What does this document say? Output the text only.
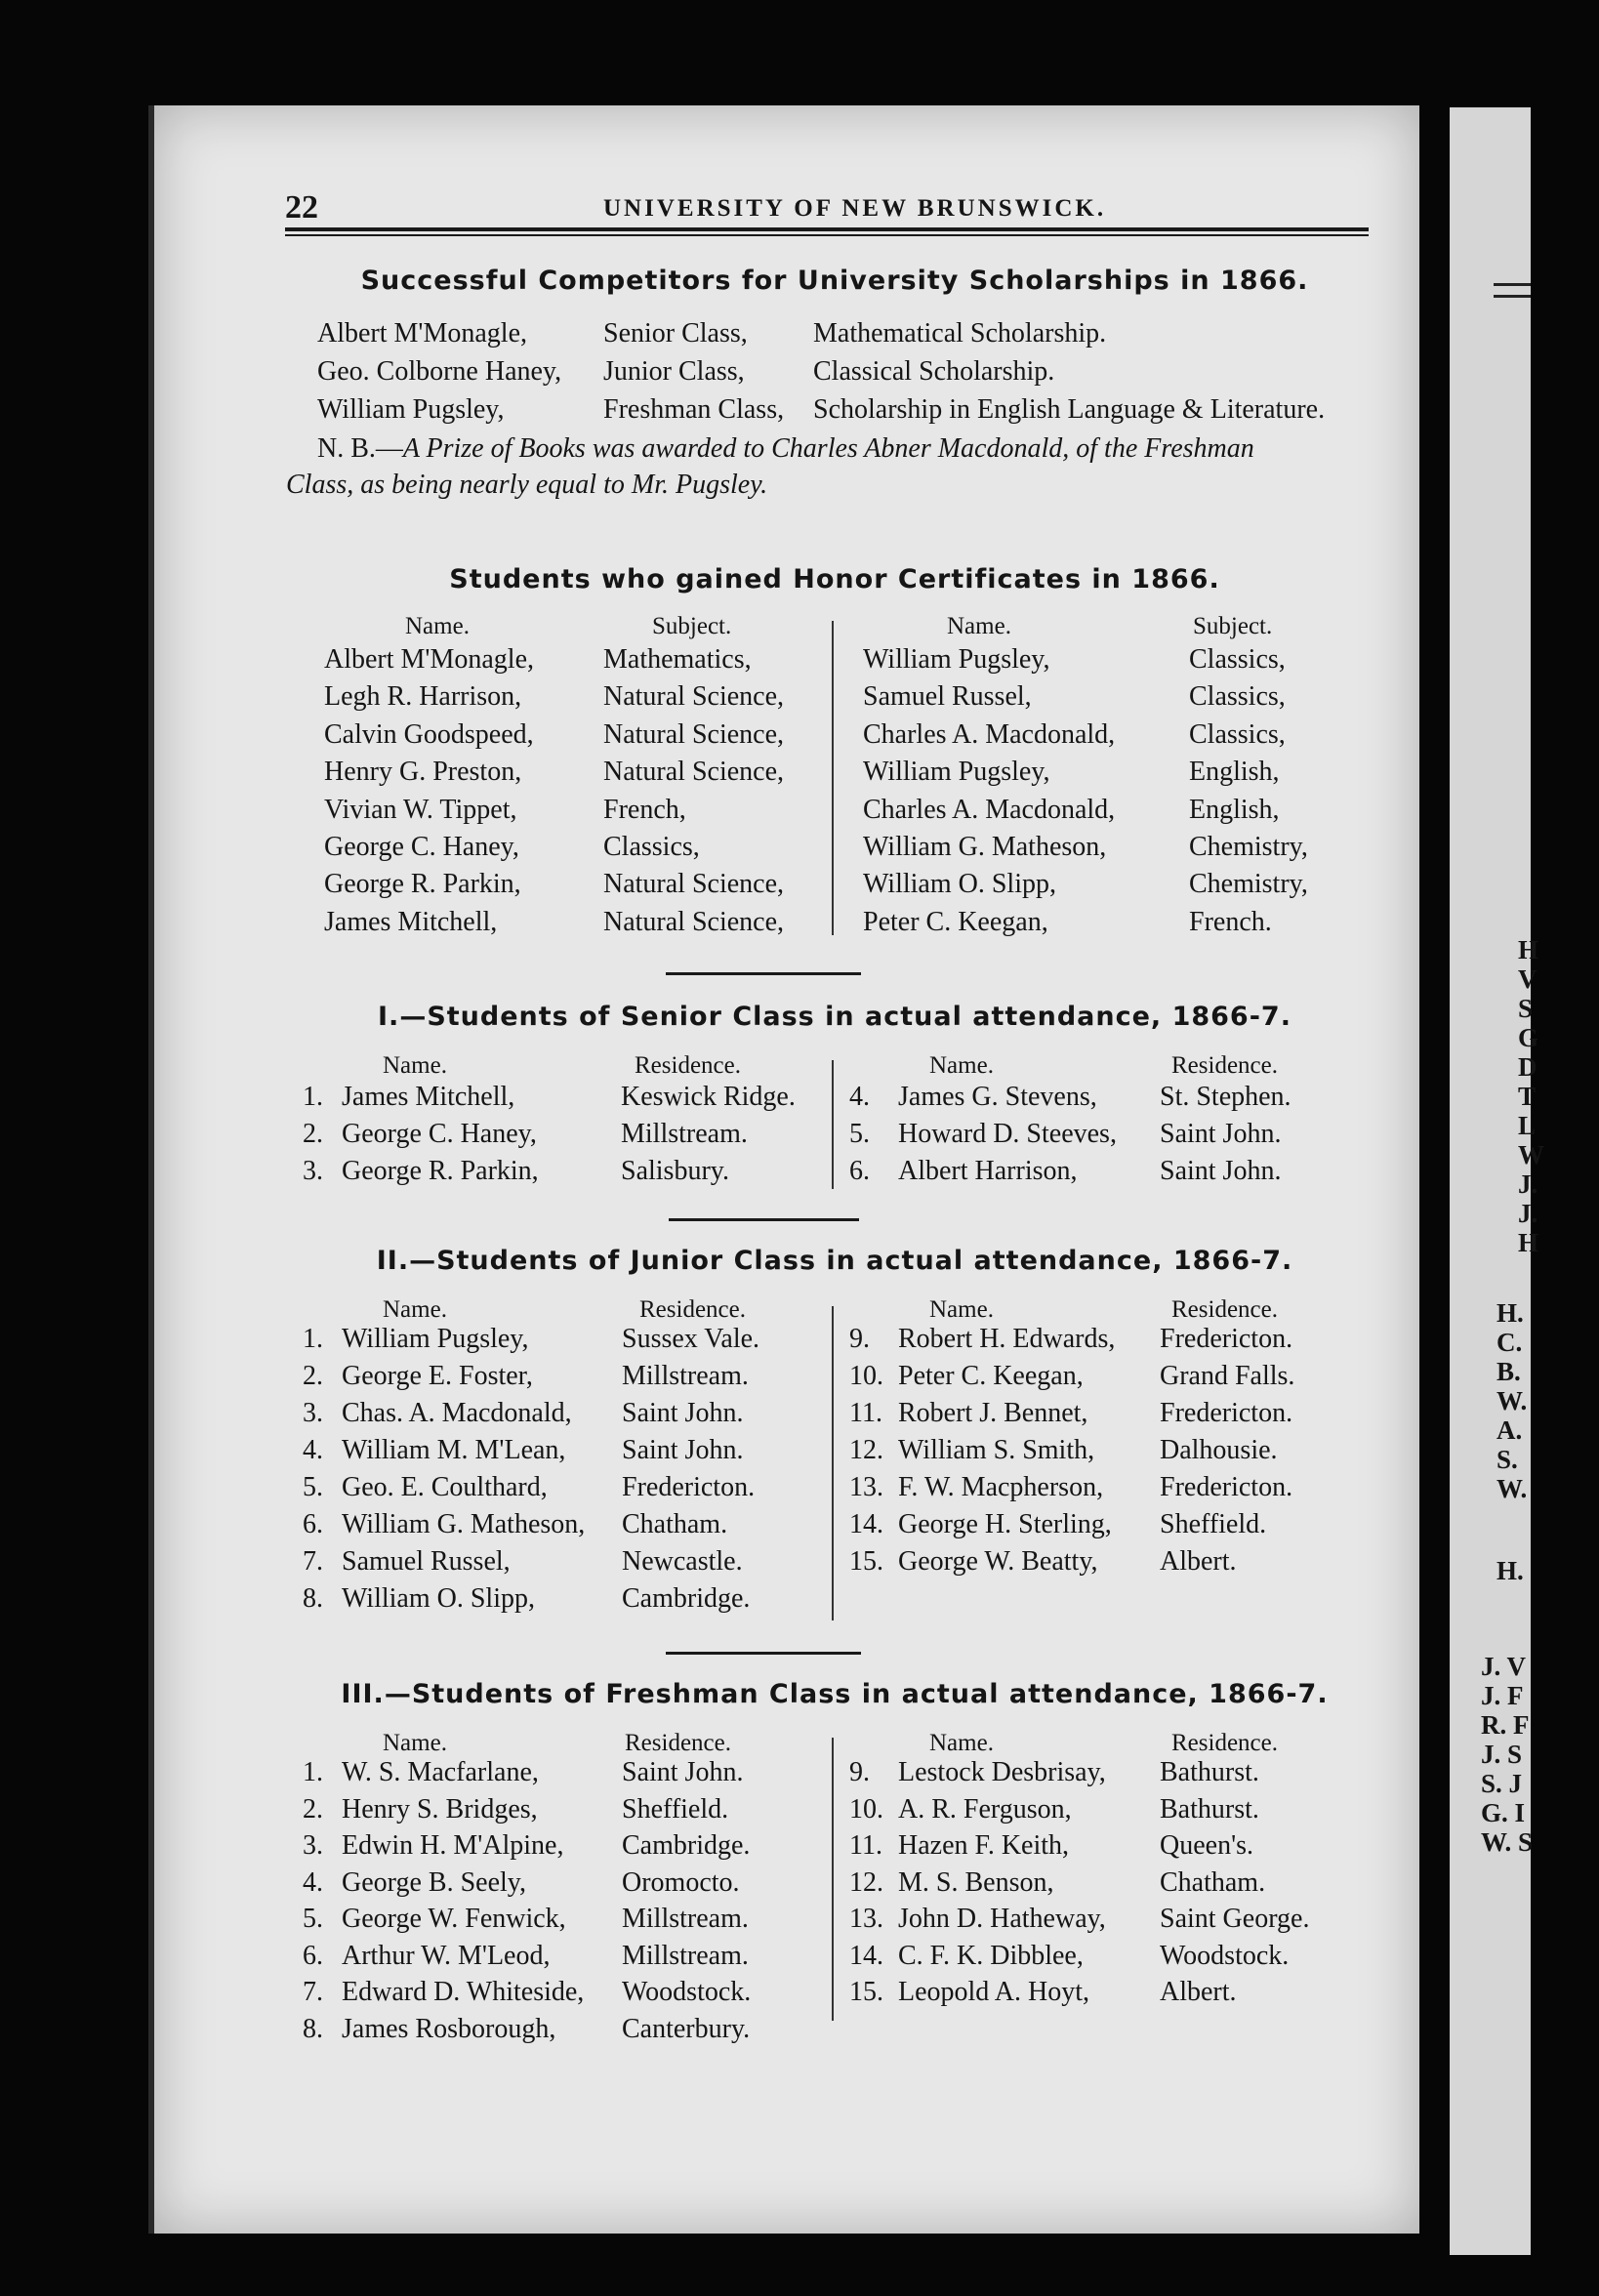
H
V
S
G
D
T
L
W
J.
J.
H
H.
C.
B.
W.
A.
S.
W.
H.
J. V
J. F
R. F
J. S
S. J
G. I
W. S
22	UNIVERSITY OF NEW BRUNSWICK.
Successful Competitors for University Scholarships in 1866.
Albert M'Monagle,	Senior Class, Mathematical Scholarship.
Geo. Colborne Haney, Junior Class,	Classical Scholarship.
William Pugsley,	Freshman Class, Scholarship in English Language & Literature.
N. B.—A Prize of Books was awarded to Charles Abner Macdonald, of the Freshman
Class, as being nearly equal to Mr. Pugsley.
Students who gained Honor Certificates in 1866.
Name.	Subject.	Name.	Subject.
Albert M'Monagle,	Mathematics,
Legh R. Harrison,	Natural Science,
Calvin Goodspeed,	Natural Science,
Henry G. Preston,	Natural Science,
Vivian W. Tippet,	French,
George C. Haney,	Classics,
George R. Parkin,	Natural Science,
James Mitchell,	Natural Science,
William Pugsley,	Classics,
Samuel Russel,	Classics,
Charles A. Macdonald,	Classics,
William Pugsley,	English,
Charles A. Macdonald,	English,
William G. Matheson,	Chemistry,
William O. Slipp,	Chemistry,
Peter C. Keegan,	French.
I.—Students of Senior Class in actual attendance, 1866-7.
Name.	Residence.	Name.	Residence.
1. James Mitchell,	Keswick Ridge.
2. George C. Haney,	Millstream.
3. George R. Parkin,	Salisbury.
4. James G. Stevens, St. Stephen.
5. Howard D. Steeves, Saint John.
6. Albert Harrison,	Saint John.
II.—Students of Junior Class in actual attendance, 1866-7.
Name.	Residence.	Name.	Residence.
1. William Pugsley,	Sussex Vale.
2. George E. Foster,	Millstream.
3. Chas. A. Macdonald, Saint John.
4. William M. M'Lean, Saint John.
5. Geo. E. Coulthard,	Fredericton.
6. William G. Matheson, Chatham.
7. Samuel Russel,	Newcastle.
8. William O. Slipp,	Cambridge.
9. Robert H. Edwards, Fredericton.
10. Peter C. Keegan,	Grand Falls.
11. Robert J. Bennet,	Fredericton.
12. William S. Smith, Dalhousie.
13. F. W. Macpherson, Fredericton.
14. George H. Sterling, Sheffield.
15. George W. Beatty, Albert.
III.—Students of Freshman Class in actual attendance, 1866-7.
Name.	Residence.	Name.	Residence.
1. W. S. Macfarlane,	Saint John.
2. Henry S. Bridges,	Sheffield.
3. Edwin H. M'Alpine, Cambridge.
4. George B. Seely,	Oromocto.
5. George W. Fenwick, Millstream.
6. Arthur W. M'Leod,	Millstream.
7. Edward D. Whiteside, Woodstock.
8. James Rosborough, Canterbury.
9. Lestock Desbrisay, Bathurst.
10. A. R. Ferguson,	Bathurst.
11. Hazen F. Keith,	Queen's.
12. M. S. Benson,	Chatham.
13. John D. Hatheway, Saint George.
14. C. F. K. Dibblee,	Woodstock.
15. Leopold A. Hoyt,	Albert.
